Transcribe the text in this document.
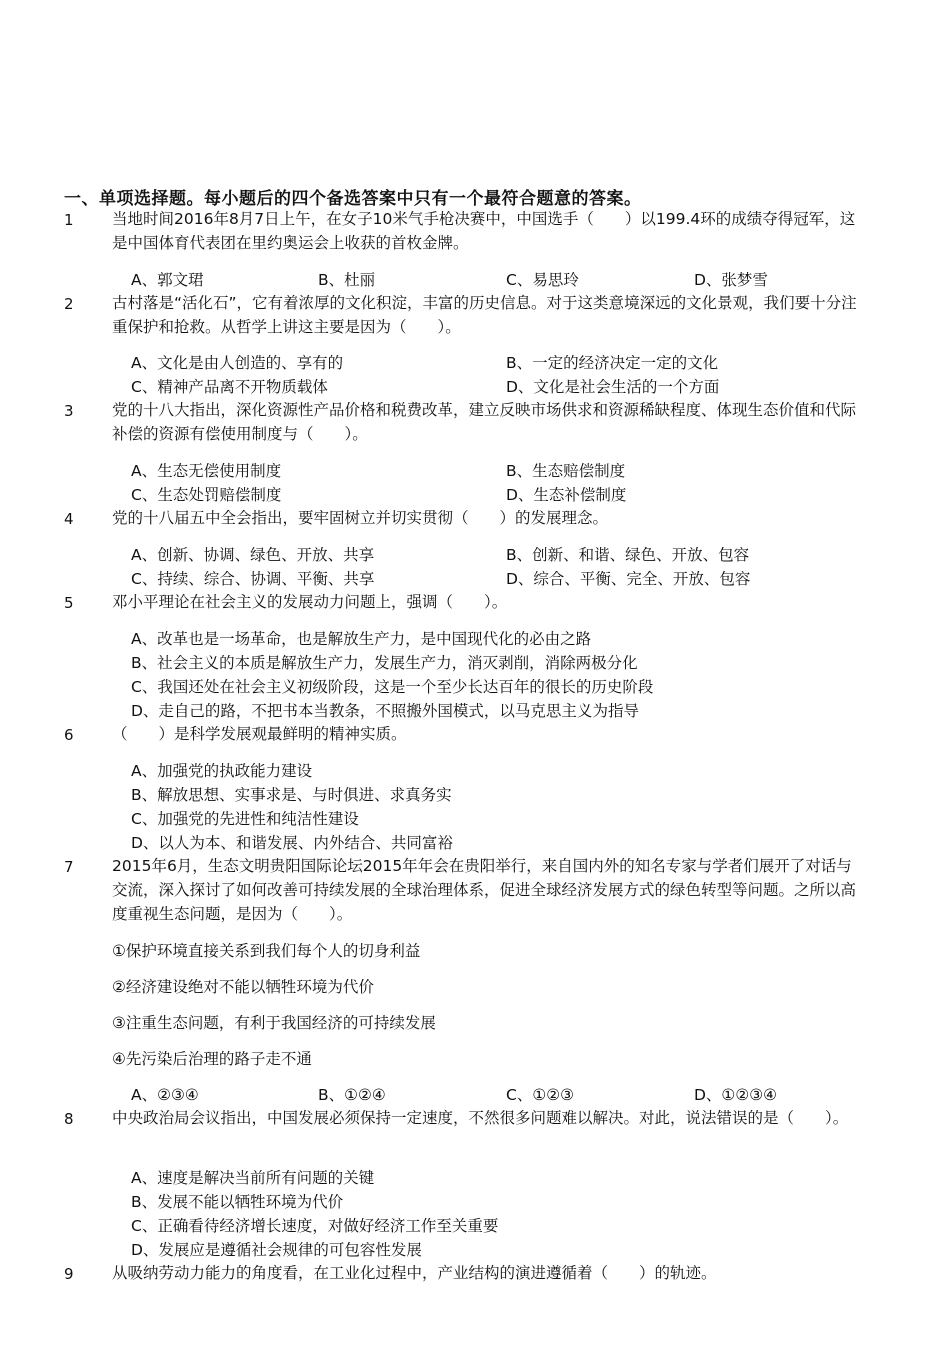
一、单项选择题。每小题后的四个备选答案中只有一个最符合题意的答案。
1 当地时间2016年8月7日上午，在女子10米气手枪决赛中，中国选手（　　）以199.4环的成绩夺得冠军，这是中国体育代表团在里约奥运会上收获的首枚金牌。
A、郭文珺	B、杜丽	C、易思玲	D、张梦雪
2 古村落是“活化石”，它有着浓厚的文化积淀，丰富的历史信息。对于这类意境深远的文化景观，我们要十分注重保护和抢救。从哲学上讲这主要是因为（　　）。
A、文化是由人创造的、享有的	B、一定的经济决定一定的文化
C、精神产品离不开物质载体	D、文化是社会生活的一个方面
3 党的十八大指出，深化资源性产品价格和税费改革，建立反映市场供求和资源稀缺程度、体现生态价值和代际补偿的资源有偿使用制度与（　　）。
A、生态无偿使用制度	B、生态赔偿制度
C、生态处罚赔偿制度	D、生态补偿制度
4 党的十八届五中全会指出，要牢固树立并切实贯彻（　　）的发展理念。
A、创新、协调、绿色、开放、共享	B、创新、和谐、绿色、开放、包容
C、持续、综合、协调、平衡、共享	D、综合、平衡、完全、开放、包容
5 邓小平理论在社会主义的发展动力问题上，强调（　　）。
A、改革也是一场革命，也是解放生产力，是中国现代化的必由之路
B、社会主义的本质是解放生产力，发展生产力，消灭剥削，消除两极分化
C、我国还处在社会主义初级阶段，这是一个至少长达百年的很长的历史阶段
D、走自己的路，不把书本当教条，不照搬外国模式，以马克思主义为指导
6 （　　）是科学发展观最鲜明的精神实质。
A、加强党的执政能力建设
B、解放思想、实事求是、与时俱进、求真务实
C、加强党的先进性和纯洁性建设
D、以人为本、和谐发展、内外结合、共同富裕
7 2015年6月，生态文明贵阳国际论坛2015年年会在贵阳举行，来自国内外的知名专家与学者们展开了对话与交流，深入探讨了如何改善可持续发展的全球治理体系，促进全球经济发展方式的绿色转型等问题。之所以高度重视生态问题，是因为（　　）。
①保护环境直接关系到我们每个人的切身利益
②经济建设绝对不能以牺牲环境为代价
③注重生态问题，有利于我国经济的可持续发展
④先污染后治理的路子走不通
A、②③④	B、①②④	C、①②③	D、①②③④
8 中央政治局会议指出，中国发展必须保持一定速度，不然很多问题难以解决。对此，说法错误的是（　　）。
A、速度是解决当前所有问题的关键
B、发展不能以牺牲环境为代价
C、正确看待经济增长速度，对做好经济工作至关重要
D、发展应是遵循社会规律的可包容性发展
9 从吸纳劳动力能力的角度看，在工业化过程中，产业结构的演进遵循着（　　）的轨迹。
